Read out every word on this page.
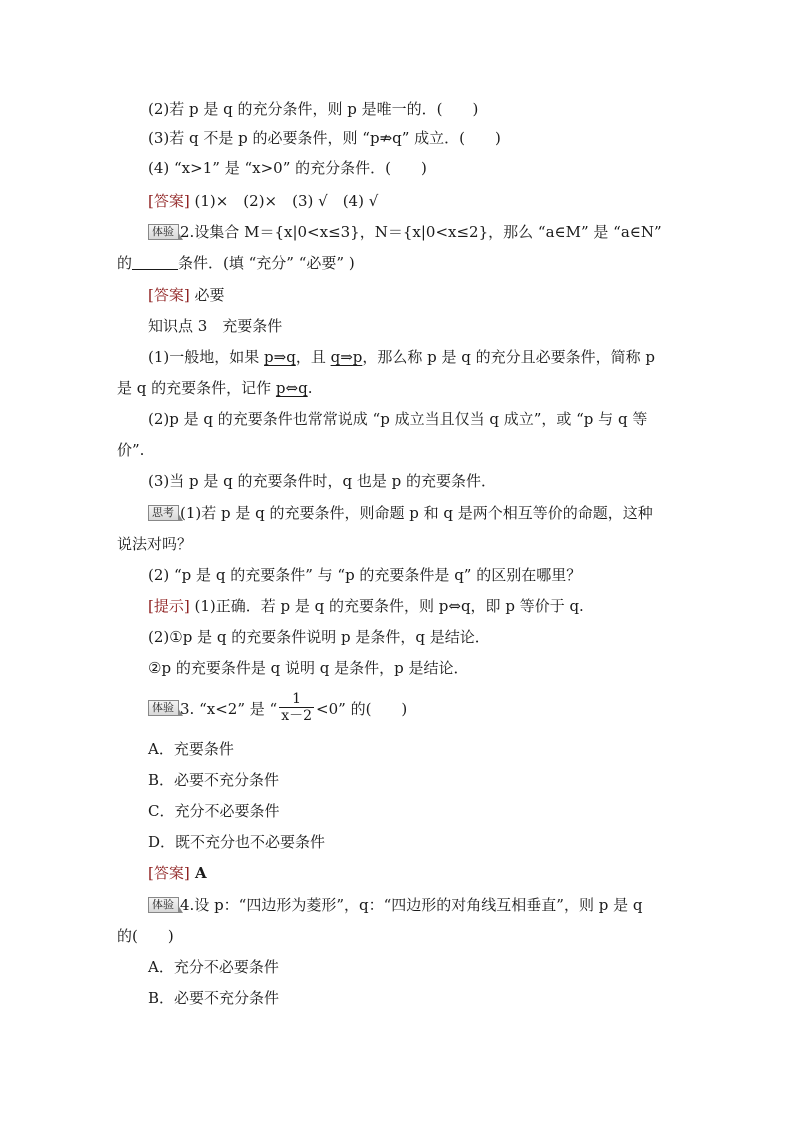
(2)若 p 是 q 的充分条件，则 p 是唯一的．(　　)
(3)若 q 不是 p 的必要条件，则 “p⇏q” 成立．(　　)
(4) “x>1” 是 “x>0” 的充分条件．(　　)
[答案] (1)×　(2)×　(3) √　(4) √
体验 2.设集合 M＝{x|0<x≤3}，N＝{x|0<x≤2}，那么 “a∈M” 是 “a∈N”
的	条件．(填 “充分” “必要” )
[答案] 必要
知识点 3　充要条件
(1)一般地，如果 p⇒q，且 q⇒p，那么称 p 是 q 的充分且必要条件，简称 p
是 q 的充要条件，记作 p⇔q.
(2)p 是 q 的充要条件也常常说成 “p 成立当且仅当 q 成立”，或 “p 与 q 等
价”.
(3)当 p 是 q 的充要条件时，q 也是 p 的充要条件．
思考 (1)若 p 是 q 的充要条件，则命题 p 和 q 是两个相互等价的命题，这种
说法对吗？
(2) “p 是 q 的充要条件” 与 “p 的充要条件是 q” 的区别在哪里？
[提示] (1)正确．若 p 是 q 的充要条件，则 p⇔q，即 p 等价于 q.
(2)①p 是 q 的充要条件说明 p 是条件，q 是结论．
②p 的充要条件是 q 说明 q 是条件，p 是结论．
体验 3. “x<2” 是 “ $\frac{1}{x-2} <0$” 的(　　)
A．充要条件
B．必要不充分条件
C．充分不必要条件
D．既不充分也不必要条件
[答案] A
体验 4.设 p：“四边形为菱形”，q：“四边形的对角线互相垂直”，则 p 是 q
的(　　)
A．充分不必要条件
B．必要不充分条件
